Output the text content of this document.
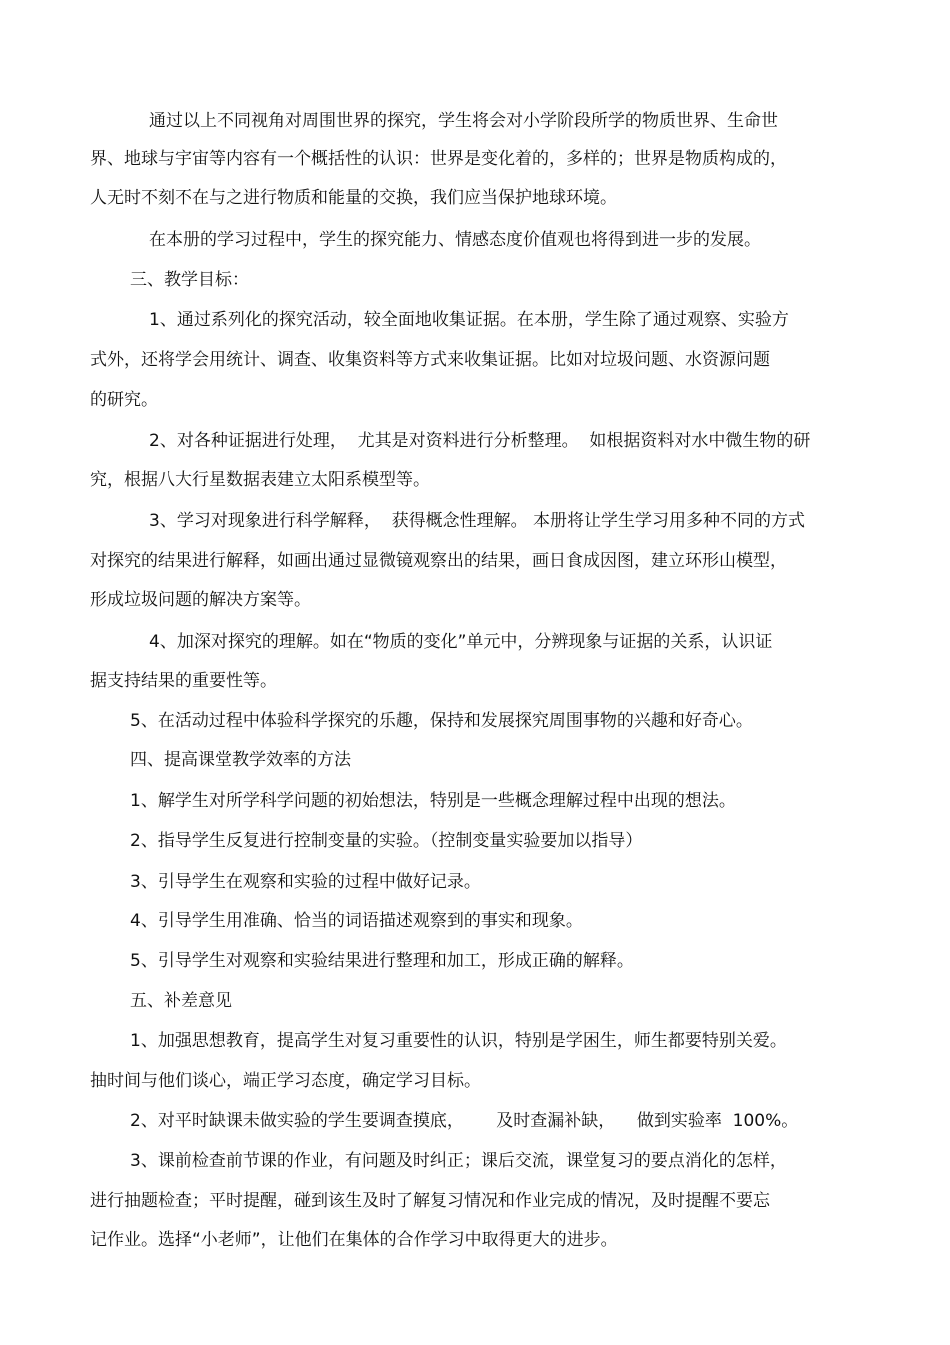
通过以上不同视角对周围世界的探究，学生将会对小学阶段所学的物质世界、生命世
界、地球与宇宙等内容有一个概括性的认识：世界是变化着的，多样的；世界是物质构成的，
人无时不刻不在与之进行物质和能量的交换，我们应当保护地球环境。
在本册的学习过程中，学生的探究能力、情感态度价值观也将得到进一步的发展。
三、教学目标：
1、通过系列化的探究活动，较全面地收集证据。在本册，学生除了通过观察、实验方
式外，还将学会用统计、调查、收集资料等方式来收集证据。比如对垃圾问题、水资源问题
的研究。
2、对各种证据进行处理，  尤其是对资料进行分析整理。  如根据资料对水中微生物的研
究，根据八大行星数据表建立太阳系模型等。
3、学习对现象进行科学解释，  获得概念性理解。 本册将让学生学习用多种不同的方式
对探究的结果进行解释，如画出通过显微镜观察出的结果，画日食成因图，建立环形山模型，
形成垃圾问题的解决方案等。
4、加深对探究的理解。如在“物质的变化”单元中，分辨现象与证据的关系，认识证
据支持结果的重要性等。
5、在活动过程中体验科学探究的乐趣，保持和发展探究周围事物的兴趣和好奇心。
四、提高课堂教学效率的方法
1、解学生对所学科学问题的初始想法，特别是一些概念理解过程中出现的想法。
2、指导学生反复进行控制变量的实验。（控制变量实验要加以指导）
3、引导学生在观察和实验的过程中做好记录。
4、引导学生用准确、恰当的词语描述观察到的事实和现象。
5、引导学生对观察和实验结果进行整理和加工，形成正确的解释。
五、补差意见
1、加强思想教育，提高学生对复习重要性的认识，特别是学困生，师生都要特别关爱。
抽时间与他们谈心，端正学习态度，确定学习目标。
2、对平时缺课未做实验的学生要调查摸底，      及时查漏补缺，    做到实验率  100%。
3、课前检查前节课的作业，有问题及时纠正；课后交流，课堂复习的要点消化的怎样，
进行抽题检查；平时提醒，碰到该生及时了解复习情况和作业完成的情况，及时提醒不要忘
记作业。选择“小老师”，让他们在集体的合作学习中取得更大的进步。
